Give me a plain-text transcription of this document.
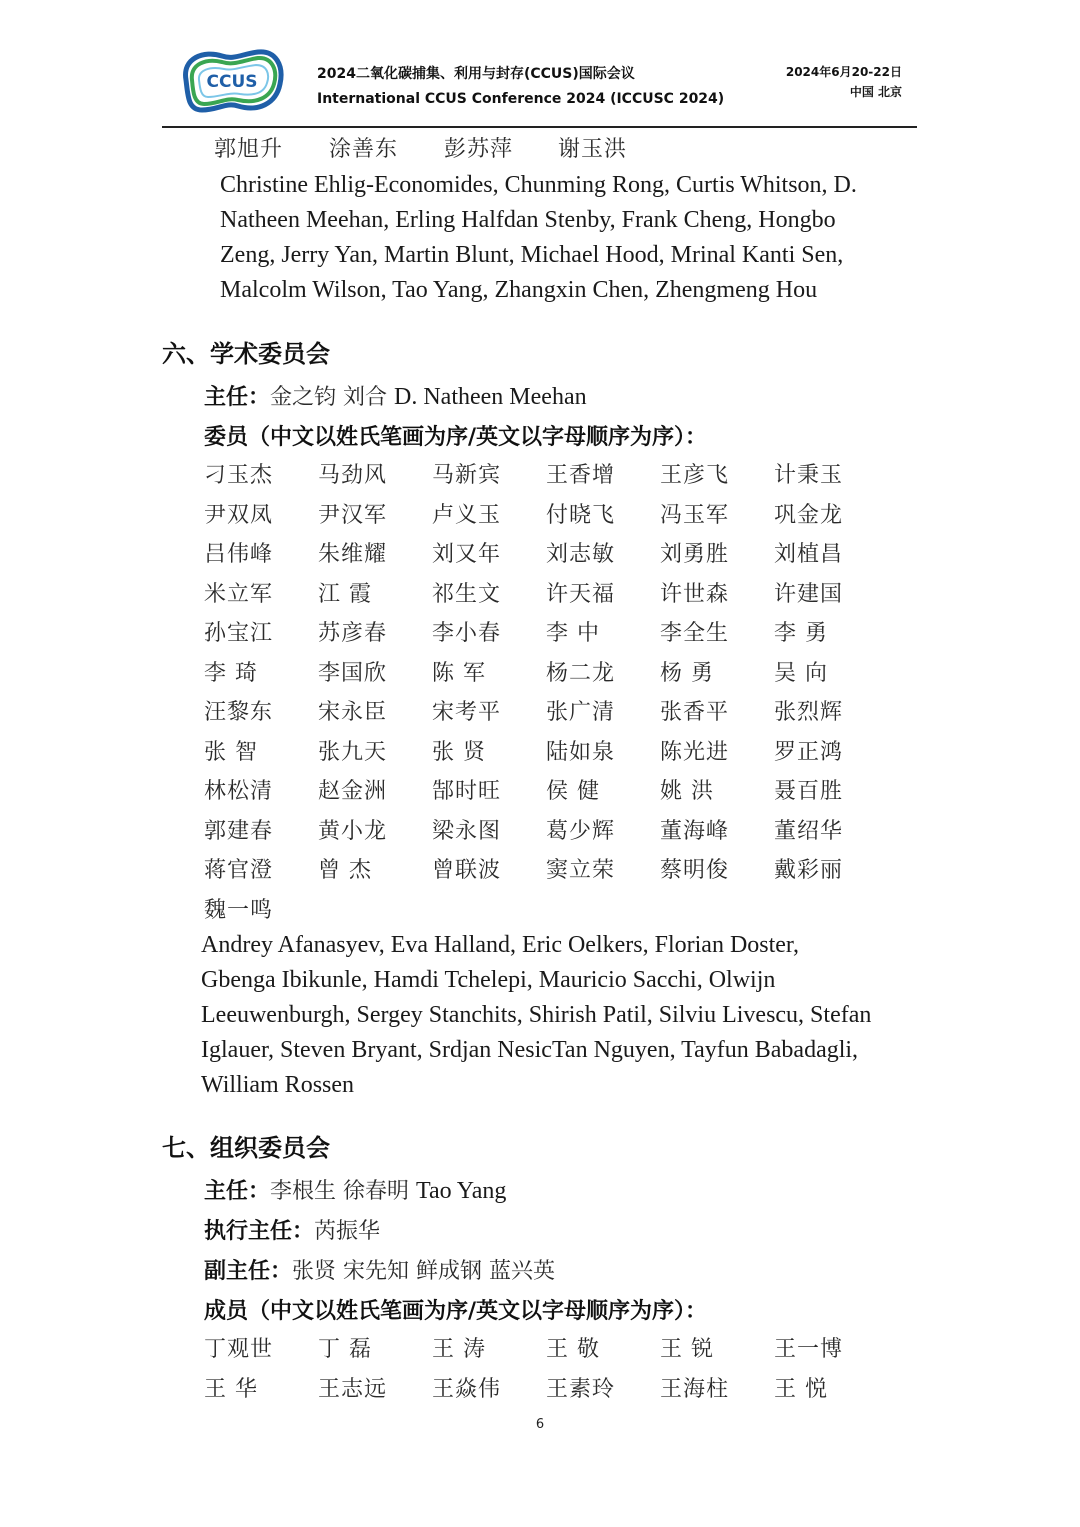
CCUS	2024二氧化碳捕集、利用与封存(CCUS)国际会议
International CCUS Conference 2024 (ICCUSC 2024)
2024年6月20-22日
中国 北京
郭旭升 涂善东 彭苏萍 谢玉洪
Christine Ehlig-Economides, Chunming Rong, Curtis Whitson, D.
Natheen Meehan, Erling Halfdan Stenby, Frank Cheng, Hongbo
Zeng, Jerry Yan, Martin Blunt, Michael Hood, Mrinal Kanti Sen,
Malcolm Wilson, Tao Yang, Zhangxin Chen, Zhengmeng Hou
六、学术委员会
主任：金之钧 刘合 D. Natheen Meehan
委员（中文以姓氏笔画为序/英文以字母顺序为序）：
刁玉杰 马劲风 马新宾 王香增 王彦飞 计秉玉
尹双凤 尹汉军 卢义玉 付晓飞 冯玉军 巩金龙
吕伟峰 朱维耀 刘又年 刘志敏 刘勇胜 刘植昌
米立军 江 霞	祁生文 许天福 许世森 许建国
孙宝江 苏彦春 李小春 李 中	李全生 李 勇
李 琦	李国欣 陈 军	杨二龙 杨 勇	吴 向
汪黎东 宋永臣 宋考平 张广清 张香平 张烈辉
张 智	张九天 张 贤	陆如泉 陈光进 罗正鸿
林松清 赵金洲 郜时旺 侯 健	姚 洪	聂百胜
郭建春 黄小龙 梁永图 葛少辉 董海峰 董绍华
蒋官澄 曾 杰	曾联波 窦立荣 蔡明俊 戴彩丽
魏一鸣
Andrey Afanasyev, Eva Halland, Eric Oelkers, Florian Doster,
Gbenga Ibikunle, Hamdi Tchelepi, Mauricio Sacchi, Olwijn
Leeuwenburgh, Sergey Stanchits, Shirish Patil, Silviu Livescu, Stefan
Iglauer, Steven Bryant, Srdjan NesicTan Nguyen, Tayfun Babadagli,
William Rossen
七、组织委员会
主任：李根生 徐春明 Tao Yang
执行主任：芮振华
副主任：张贤 宋先知 鲜成钢 蓝兴英
成员（中文以姓氏笔画为序/英文以字母顺序为序）：
丁观世 丁 磊	王 涛	王 敬	王 锐	王一博
王 华	王志远 王焱伟 王素玲 王海柱 王 悦
6
